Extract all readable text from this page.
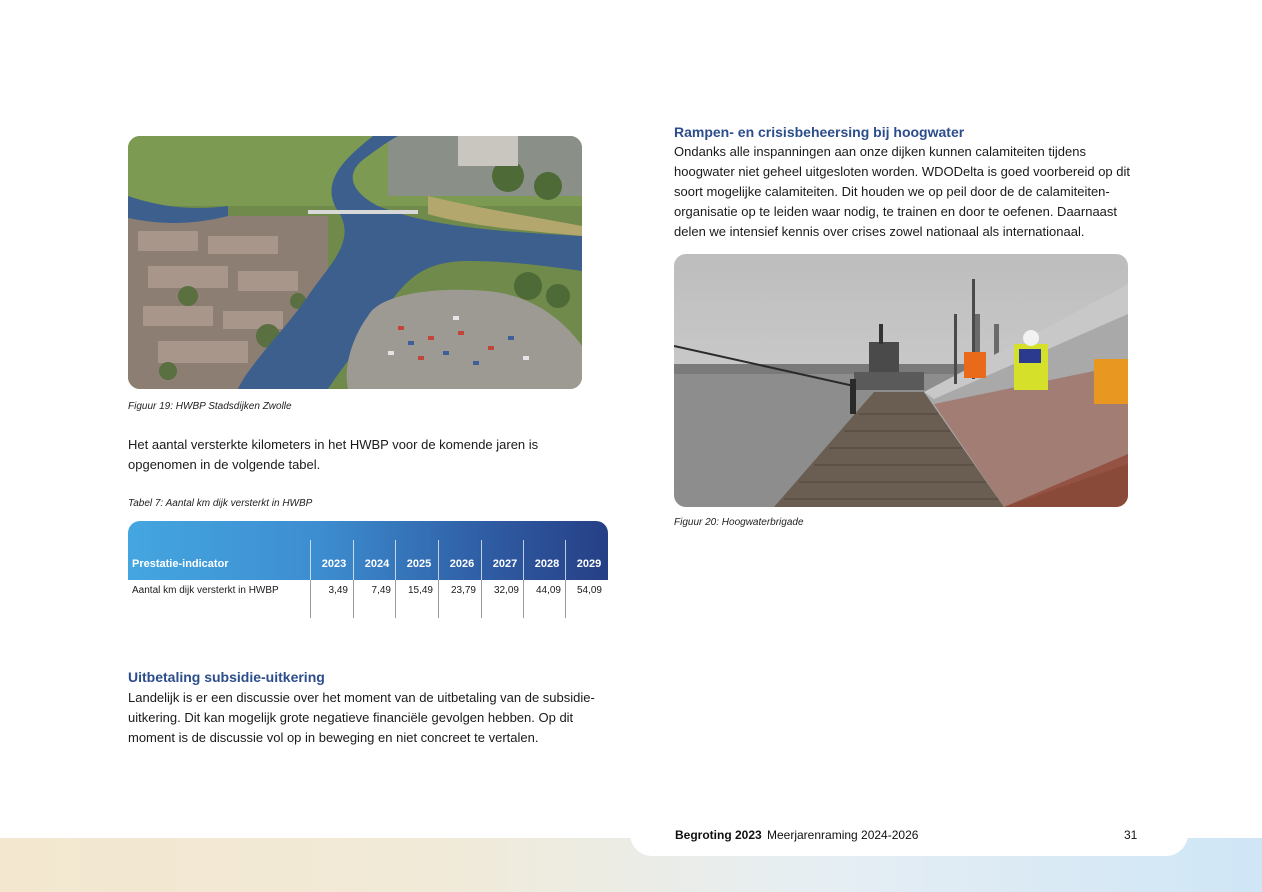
Figuur 19: HWBP Stadsdijken Zwolle

Het aantal versterkte kilometers in het HWBP voor de komende jaren is

opgenomen in de volgende tabel.

Tabel 7: Aantal km dijk versterkt in HWBP
Prestatie-indicator	2023	2024	2025	2026	2027	2028	2029
Aantal km dijk versterkt in HWBP	3,49	7,49	15,49	23,79	32,09	44,09	54,09
Uitbetaling subsidie-uitkering

Landelijk is er een discussie over het moment van de uitbetaling van de subsidie-

uitkering. Dit kan mogelijk grote negatieve financiële gevolgen hebben. Op dit

moment is de discussie vol op in beweging en niet concreet te vertalen.

Rampen- en crisisbeheersing bij hoogwater

Ondanks alle inspanningen aan onze dijken kunnen calamiteiten tijdens

hoogwater niet geheel uitgesloten worden. WDODelta is goed voorbereid op dit

soort mogelijke calamiteiten. Dit houden we op peil door de de calamiteiten-

organisatie op te leiden waar nodig, te trainen en door te oefenen. Daarnaast

delen we intensief kennis over crises zowel nationaal als internationaal.

Figuur 20: Hoogwaterbrigade
Begroting 2023 Meerjarenraming 2024-2026	31
